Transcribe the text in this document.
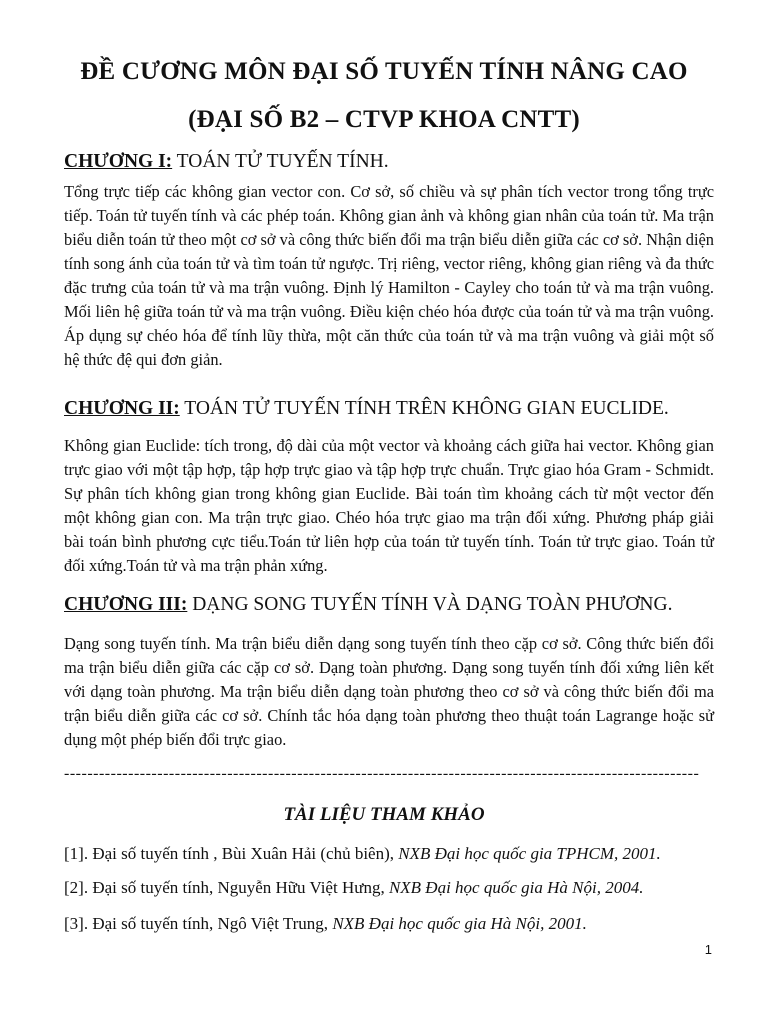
ĐỀ CƯƠNG MÔN ĐẠI SỐ TUYẾN TÍNH NÂNG CAO
(ĐẠI SỐ B2 – CTVP KHOA CNTT)
CHƯƠNG I: TOÁN TỬ TUYẾN TÍNH.
Tổng trực tiếp các không gian vector con. Cơ sở, số chiều và sự phân tích vector trong tổng trực tiếp. Toán tử tuyến tính và các phép toán. Không gian ảnh và không gian nhân của toán tử. Ma trận biểu diễn toán tử theo một cơ sở và công thức biến đổi ma trận biểu diễn giữa các cơ sở. Nhận diện tính song ánh của toán tử và tìm toán tử ngược. Trị riêng, vector riêng, không gian riêng và đa thức đặc trưng của toán tử và ma trận vuông. Định lý Hamilton - Cayley cho toán tử và ma trận vuông. Mối liên hệ giữa toán tử và ma trận vuông. Điều kiện chéo hóa được của toán tử và ma trận vuông. Áp dụng sự chéo hóa để tính lũy thừa, một căn thức của toán tử và ma trận vuông và giải một số hệ thức đệ qui đơn giản.
CHƯƠNG II: TOÁN TỬ TUYẾN TÍNH TRÊN KHÔNG GIAN EUCLIDE.
Không gian Euclide: tích trong, độ dài của một vector và khoảng cách giữa hai vector. Không gian trực giao với một tập hợp, tập hợp trực giao và tập hợp trực chuẩn. Trực giao hóa Gram - Schmidt. Sự phân tích không gian trong không gian Euclide. Bài toán tìm khoảng cách từ một vector đến một không gian con. Ma trận trực giao. Chéo hóa trực giao ma trận đối xứng. Phương pháp giải bài toán bình phương cực tiểu.Toán tử liên hợp của toán tử tuyến tính. Toán tử trực giao. Toán tử đối xứng.Toán tử và ma trận phản xứng.
CHƯƠNG III: DẠNG SONG TUYẾN TÍNH VÀ DẠNG TOÀN PHƯƠNG.
Dạng song tuyến tính. Ma trận biểu diễn dạng song tuyến tính theo cặp cơ sở. Công thức biến đổi ma trận biểu diễn giữa các cặp cơ sở. Dạng toàn phương. Dạng song tuyến tính đối xứng liên kết với dạng toàn phương. Ma trận biểu diễn dạng toàn phương theo cơ sở và công thức biến đổi ma trận biểu diễn giữa các cơ sở. Chính tắc hóa dạng toàn phương theo thuật toán Lagrange hoặc sử dụng một phép biến đổi trực giao.
-------------------------------------------------------------------------------------------------------------
TÀI LIỆU THAM KHẢO
[1]. Đại số tuyến tính , Bùi Xuân Hải (chủ biên), NXB Đại học quốc gia TPHCM, 2001.
[2]. Đại số tuyến tính, Nguyễn Hữu Việt Hưng, NXB Đại học quốc gia Hà Nội, 2004.
[3]. Đại số tuyến tính, Ngô Việt Trung, NXB Đại học quốc gia Hà Nội, 2001.
1
